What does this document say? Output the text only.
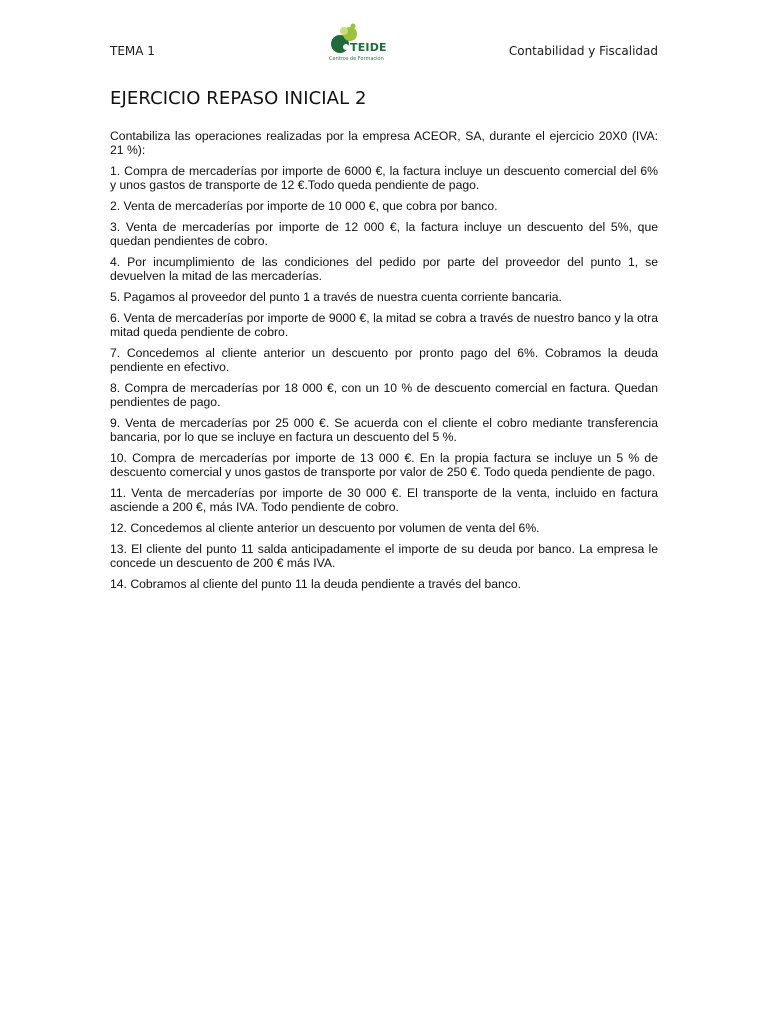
TEMA 1	TEIDE
Centros de Formación
Contabilidad y Fiscalidad
EJERCICIO REPASO INICIAL 2

Contabiliza las operaciones realizadas por la empresa ACEOR, SA, durante el ejercicio 20X0 (IVA: 21 %):

1. Compra de mercaderías por importe de 6000 €, la factura incluye un descuento comercial del 6% y unos gastos de transporte de 12 €.Todo queda pendiente de pago.

2. Venta de mercaderías por importe de 10 000 €, que cobra por banco.

3. Venta de mercaderías por importe de 12 000 €, la factura incluye un descuento del 5%, que quedan pendientes de cobro.

4. Por incumplimiento de las condiciones del pedido por parte del proveedor del punto 1, se devuelven la mitad de las mercaderías.

5. Pagamos al proveedor del punto 1 a través de nuestra cuenta corriente bancaria.

6. Venta de mercaderías por importe de 9000 €, la mitad se cobra a través de nuestro banco y la otra mitad queda pendiente de cobro.

7. Concedemos al cliente anterior un descuento por pronto pago del 6%. Cobramos la deuda pendiente en efectivo.

8. Compra de mercaderías por 18 000 €, con un 10 % de descuento comercial en factura. Quedan pendientes de pago.

9. Venta de mercaderías por 25 000 €. Se acuerda con el cliente el cobro mediante transferencia bancaria, por lo que se incluye en factura un descuento del 5 %.

10. Compra de mercaderías por importe de 13 000 €. En la propia factura se incluye un 5 % de descuento comercial y unos gastos de transporte por valor de 250 €. Todo queda pendiente de pago.

11. Venta de mercaderías por importe de 30 000 €. El transporte de la venta, incluido en factura asciende a 200 €, más IVA. Todo pendiente de cobro.

12. Concedemos al cliente anterior un descuento por volumen de venta del 6%.

13. El cliente del punto 11 salda anticipadamente el importe de su deuda por banco. La empresa le concede un descuento de 200 € más IVA.

14. Cobramos al cliente del punto 11 la deuda pendiente a través del banco.
